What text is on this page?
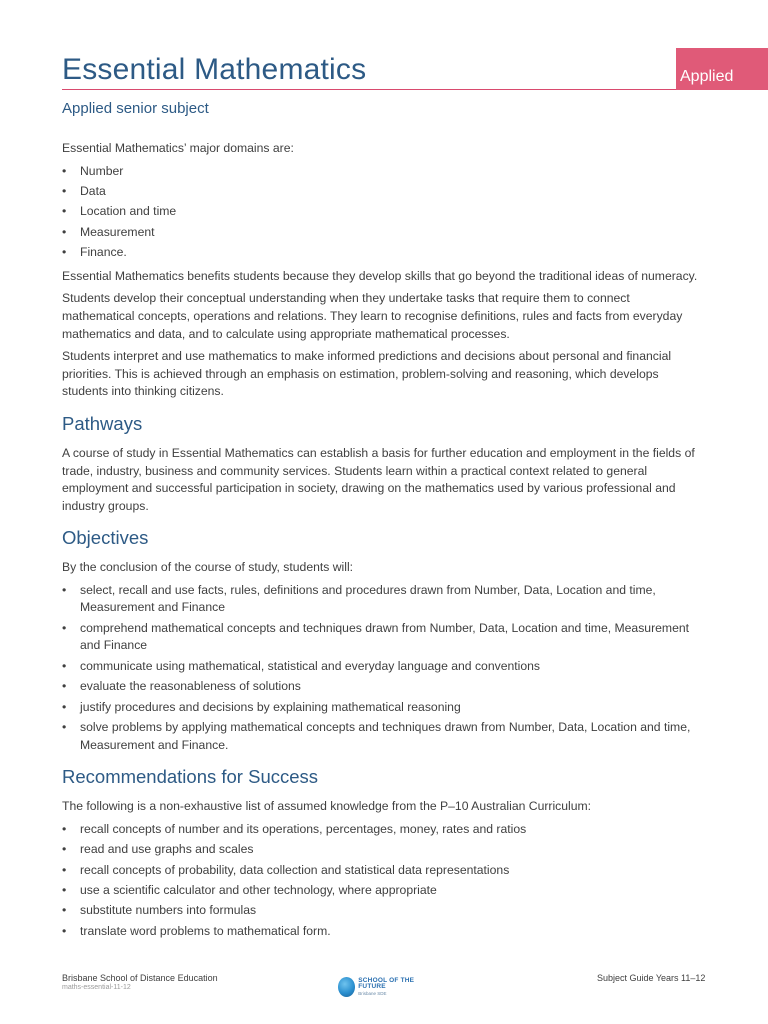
Essential Mathematics	Applied
Applied senior subject

Essential Mathematics’ major domains are:

• Number
• Data
• Location and time
• Measurement
• Finance.

Essential Mathematics benefits students because they develop skills that go beyond the traditional ideas of numeracy.

Students develop their conceptual understanding when they undertake tasks that require them to connect mathematical concepts, operations and relations. They learn to recognise definitions, rules and facts from everyday mathematics and data, and to calculate using appropriate mathematical processes.

Students interpret and use mathematics to make informed predictions and decisions about personal and financial priorities. This is achieved through an emphasis on estimation, problem-solving and reasoning, which develops students into thinking citizens.

Pathways

A course of study in Essential Mathematics can establish a basis for further education and employment in the fields of trade, industry, business and community services. Students learn within a practical context related to general employment and successful participation in society, drawing on the mathematics used by various professional and industry groups.

Objectives

By the conclusion of the course of study, students will:

• select, recall and use facts, rules, definitions and procedures drawn from Number, Data, Location and time, Measurement and Finance
• comprehend mathematical concepts and techniques drawn from Number, Data, Location and time, Measurement and Finance
• communicate using mathematical, statistical and everyday language and conventions
• evaluate the reasonableness of solutions
• justify procedures and decisions by explaining mathematical reasoning
• solve problems by applying mathematical concepts and techniques drawn from Number, Data, Location and time, Measurement and Finance.
Recommendations for Success

The following is a non-exhaustive list of assumed knowledge from the P–10 Australian Curriculum:

• recall concepts of number and its operations, percentages, money, rates and ratios
• read and use graphs and scales
• recall concepts of probability, data collection and statistical data representations
• use a scientific calculator and other technology, where appropriate
• substitute numbers into formulas
• translate word problems to mathematical form.
Brisbane School of Distance Education
maths-essential-11-12
SCHOOL OF THE FUTURE
Brisbane SDE
Subject Guide Years 11–12
